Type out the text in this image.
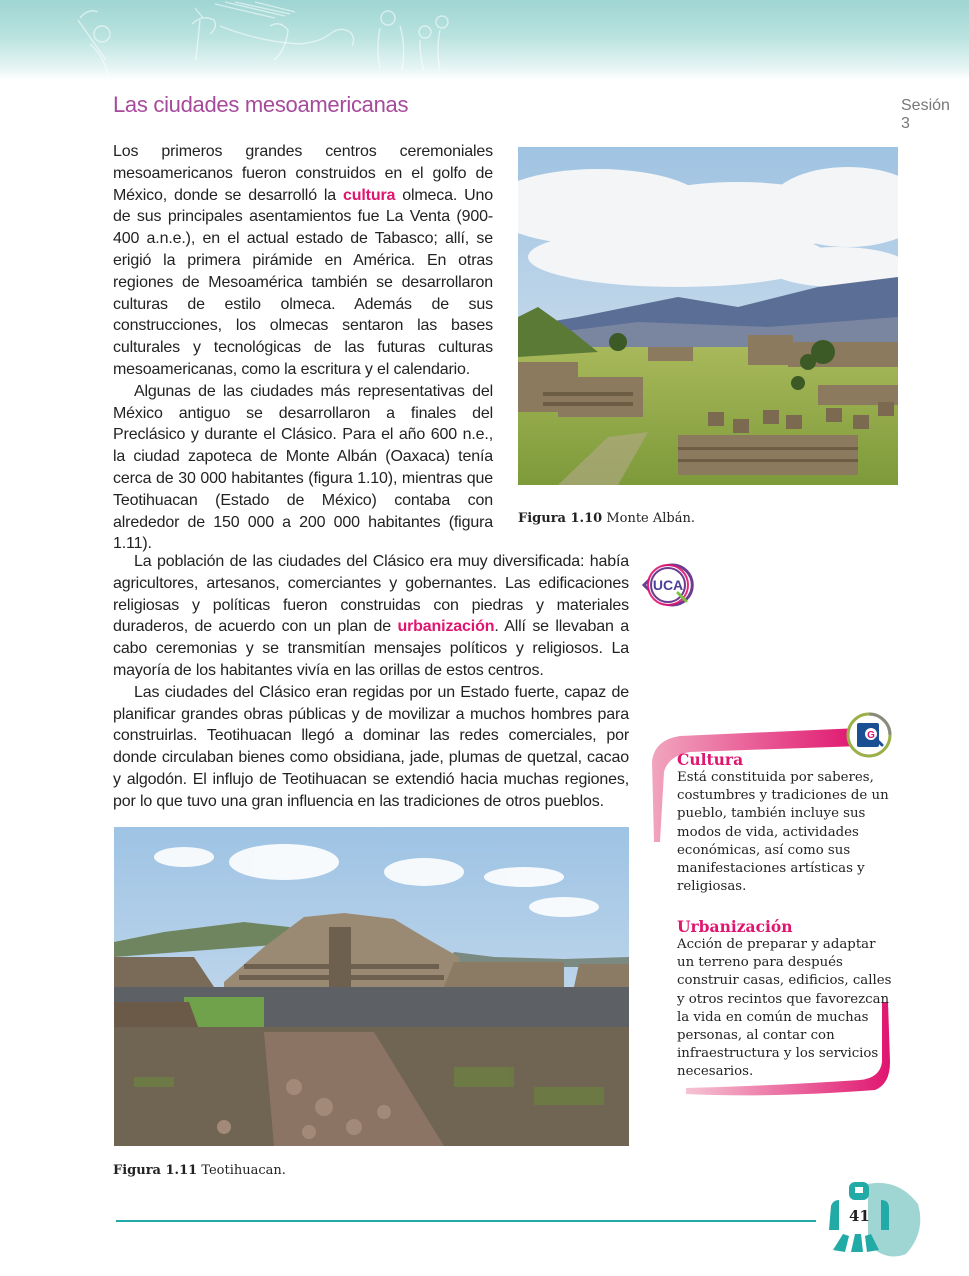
Las ciudades mesoamericanas	Sesión
3
Figura 1.10 Monte Albán.
UCA
Figura 1.11 Teotihuacan.

Los primeros grandes centros ceremoniales mesoamericanos fueron construidos en el golfo de México, donde se desarrolló la cultura olmeca. Uno de sus principales asentamientos fue La Venta (900-400 a.n.e.), en el actual estado de Tabasco; allí, se erigió la primera pirámide en América. En otras regiones de Mesoamérica también se desarrollaron culturas de estilo olmeca. Además de sus construcciones, los olmecas sentaron las bases culturales y tecnológicas de las futuras culturas mesoamericanas, como la escritura y el calendario.

Algunas de las ciudades más representativas del México antiguo se desarrollaron a finales del Preclásico y durante el Clásico. Para el año 600 n.e., la ciudad zapoteca de Monte Albán (Oaxaca) tenía cerca de 30 000 habitantes (figura 1.10), mientras que Teotihuacan (Estado de México) contaba con alrededor de 150 000 a 200 000 habitantes (figura 1.11).

La población de las ciudades del Clásico era muy diversificada: había agricultores, artesanos, comerciantes y gobernantes. Las edificaciones religiosas y políticas fueron construidas con piedras y materiales duraderos, de acuerdo con un plan de urbanización. Allí se llevaban a cabo ceremonias y se transmitían mensajes políticos y religiosos. La mayoría de los habitantes vivía en las orillas de estos centros.

Las ciudades del Clásico eran regidas por un Estado fuerte, capaz de planificar grandes obras públicas y de movilizar a muchos hombres para construirlas. Teotihuacan llegó a dominar las redes comerciales, por donde circulaban bienes como obsidiana, jade, plumas de quetzal, cacao y algodón. El influjo de Teotihuacan se extendió hacia muchas regiones, por lo que tuvo una gran influencia en las tradiciones de otros pueblos.

G
Cultura
Está constituida por saberes, costumbres y tradiciones de un pueblo, también incluye sus modos de vida, actividades económicas, así como sus manifestaciones artísticas y religiosas.
Urbanización
Acción de preparar y adaptar un terreno para después construir casas, edificios, calles y otros recintos que favorezcan la vida en común de muchas personas, al contar con infraestructura y los servicios necesarios.
41
